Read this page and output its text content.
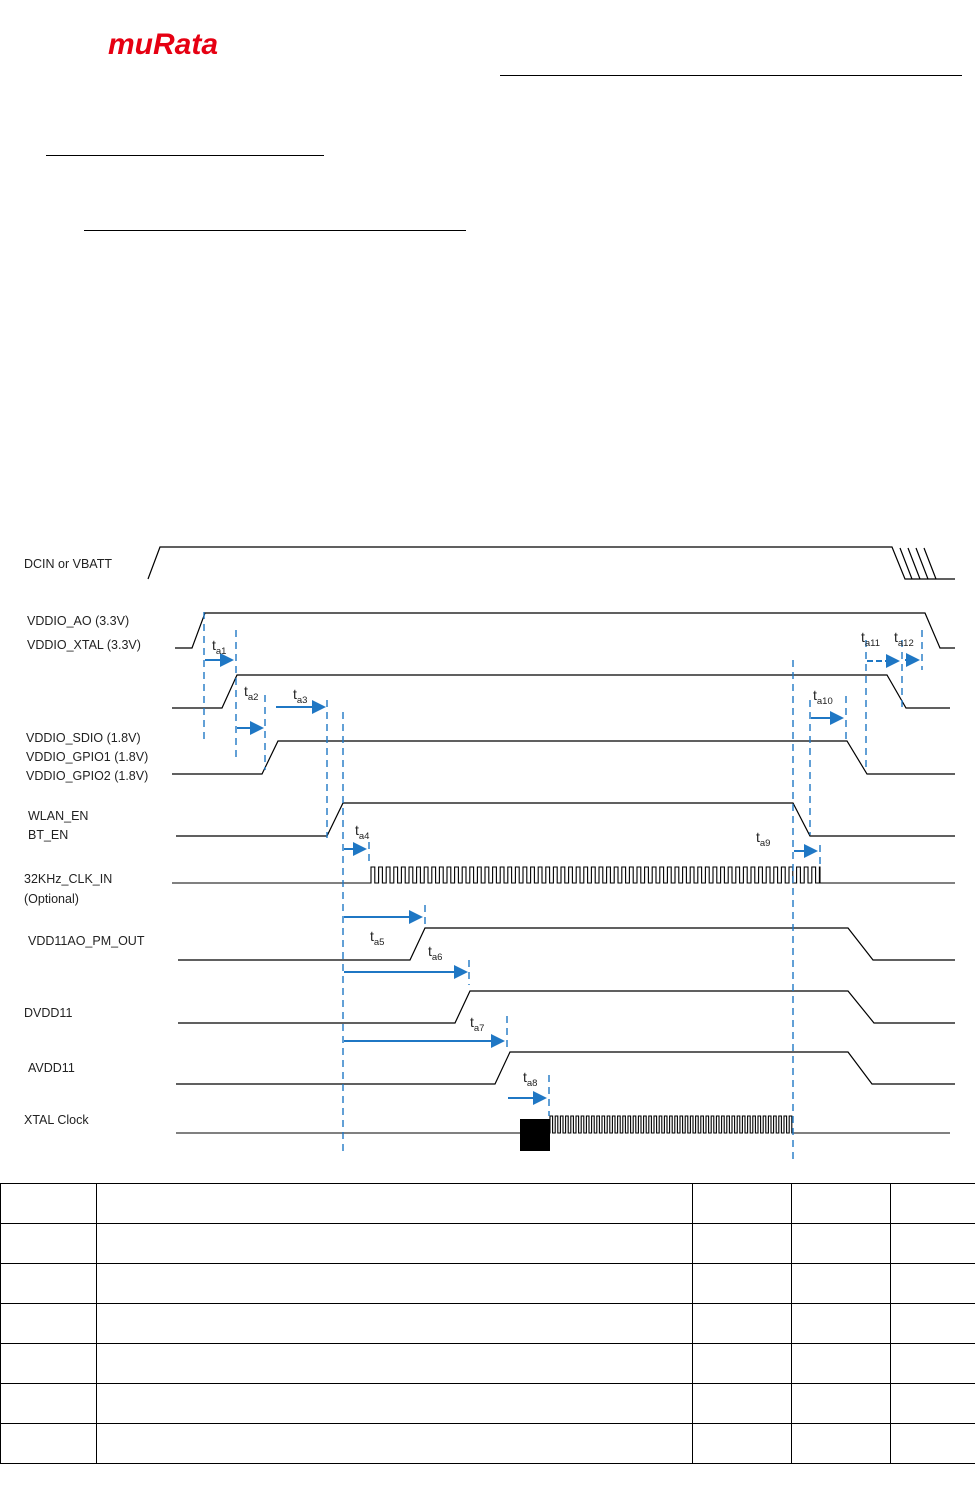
muRata
DCIN or VBATT
VDDIO_AO (3.3V)
VDDIO_XTAL (3.3V)
VDDIO_SDIO (1.8V)
VDDIO_GPIO1 (1.8V)
VDDIO_GPIO2 (1.8V)
WLAN_EN
BT_EN
32KHz_CLK_IN
(Optional)
VDD11AO_PM_OUT
DVDD11
AVDD11
XTAL Clock
$t_{a1}$
$t_{a2}$ $t_{a3}$
$t_{a4}$
$t_{a5}$
$t_{a6}$
$t_{a7}$
$t_{a8}$
$t_{a9}$
$t_{a10}$
$t_{a11}$ $t_{a12}$
